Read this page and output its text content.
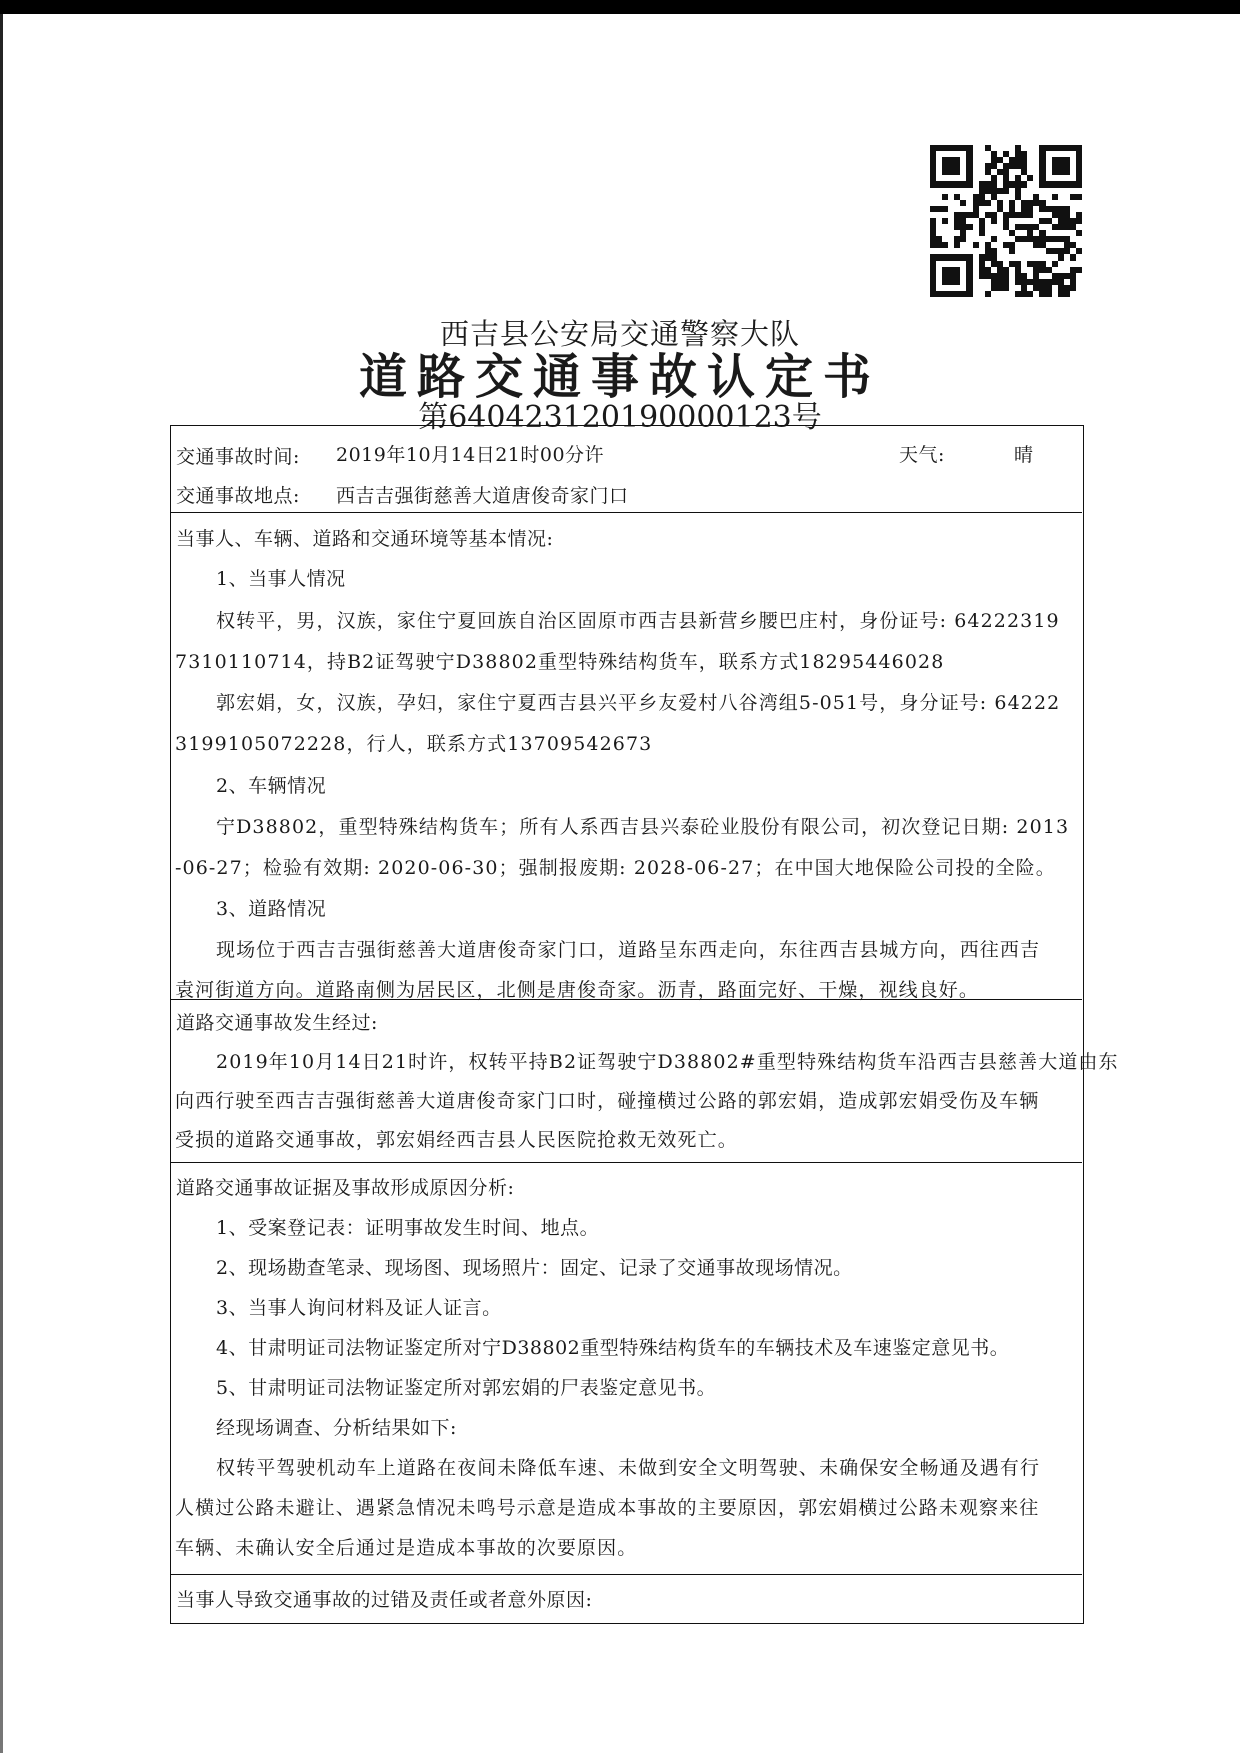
西吉县公安局交通警察大队
道路交通事故认定书
第640423120190000123号
交通事故时间: 2019年10月14日21时00分许	天气:	晴
交通事故地点: 西吉吉强街慈善大道唐俊奇家门口
当事人、车辆、道路和交通环境等基本情况:
1、当事人情况
权转平，男，汉族，家住宁夏回族自治区固原市西吉县新营乡腰巴庄村，身份证号: 64222319
7310110714，持B2证驾驶宁D38802重型特殊结构货车，联系方式18295446028
郭宏娟，女，汉族，孕妇，家住宁夏西吉县兴平乡友爱村八谷湾组5-051号，身分证号: 64222
3199105072228，行人，联系方式13709542673
2、车辆情况
宁D38802，重型特殊结构货车；所有人系西吉县兴泰砼业股份有限公司，初次登记日期: 2013
-06-27；检验有效期: 2020-06-30；强制报废期: 2028-06-27；在中国大地保险公司投的全险。
3、道路情况
现场位于西吉吉强街慈善大道唐俊奇家门口，道路呈东西走向，东往西吉县城方向，西往西吉
袁河街道方向。道路南侧为居民区，北侧是唐俊奇家。沥青，路面完好、干燥，视线良好。
道路交通事故发生经过:
2019年10月14日21时许，权转平持B2证驾驶宁D38802#重型特殊结构货车沿西吉县慈善大道由东
向西行驶至西吉吉强街慈善大道唐俊奇家门口时，碰撞横过公路的郭宏娟，造成郭宏娟受伤及车辆
受损的道路交通事故，郭宏娟经西吉县人民医院抢救无效死亡。
道路交通事故证据及事故形成原因分析:
1、受案登记表：证明事故发生时间、地点。
2、现场勘查笔录、现场图、现场照片：固定、记录了交通事故现场情况。
3、当事人询问材料及证人证言。
4、甘肃明证司法物证鉴定所对宁D38802重型特殊结构货车的车辆技术及车速鉴定意见书。
5、甘肃明证司法物证鉴定所对郭宏娟的尸表鉴定意见书。
经现场调查、分析结果如下:
权转平驾驶机动车上道路在夜间未降低车速、未做到安全文明驾驶、未确保安全畅通及遇有行
人横过公路未避让、遇紧急情况未鸣号示意是造成本事故的主要原因，郭宏娟横过公路未观察来往
车辆、未确认安全后通过是造成本事故的次要原因。
当事人导致交通事故的过错及责任或者意外原因:
